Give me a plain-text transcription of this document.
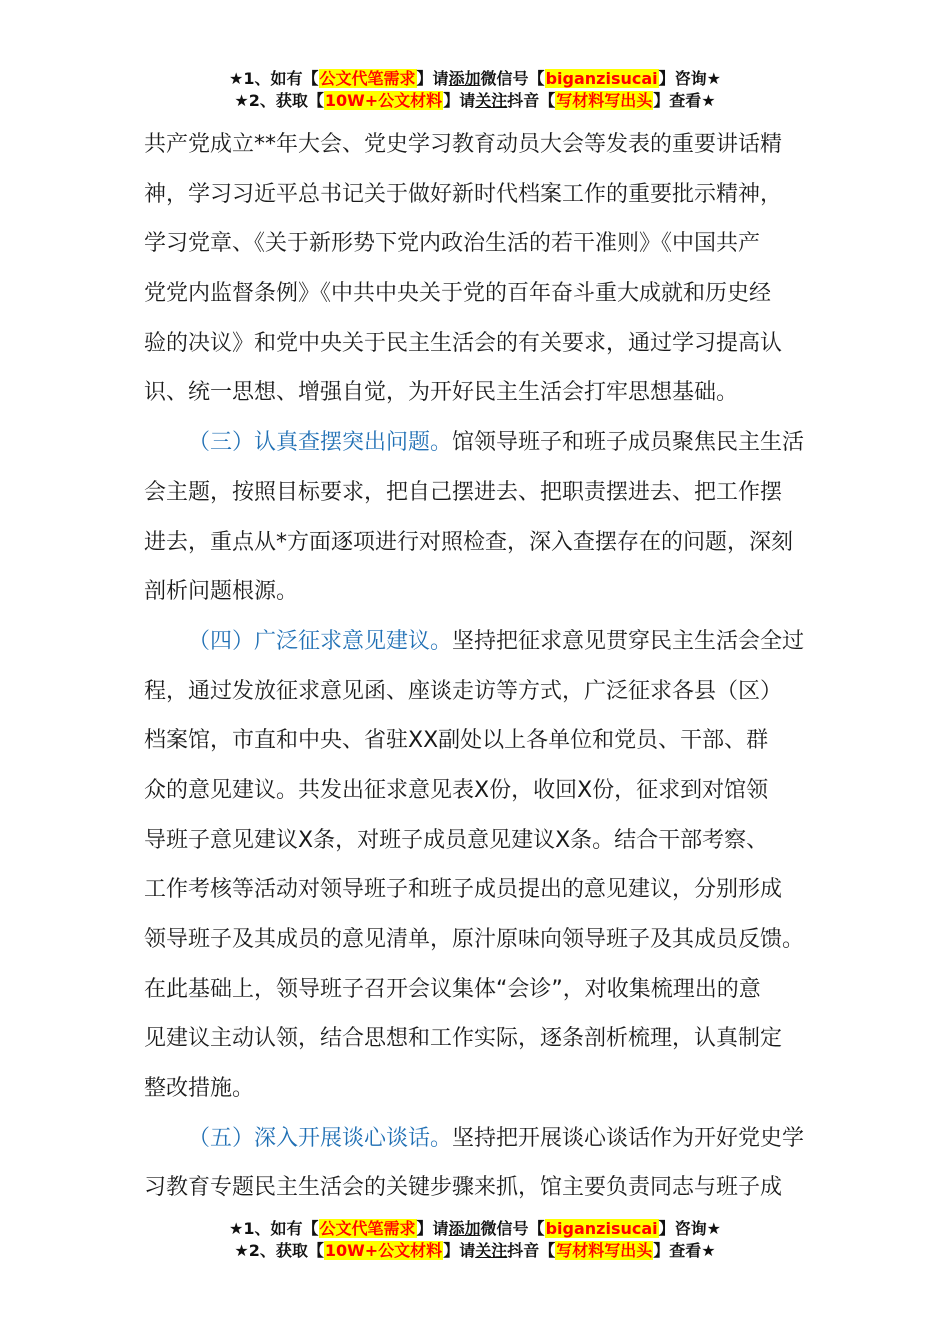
★1、如有【公文代笔需求】请添加微信号【biganzisucai】咨询★
★2、获取【10W+公文材料】请关注抖音【写材料写出头】查看★
共产党成立**年大会、党史学习教育动员大会等发表的重要讲话精
神，学习习近平总书记关于做好新时代档案工作的重要批示精神，
学习党章、《关于新形势下党内政治生活的若干准则》《中国共产
党党内监督条例》《中共中央关于党的百年奋斗重大成就和历史经
验的决议》和党中央关于民主生活会的有关要求，通过学习提高认
识、统一思想、增强自觉，为开好民主生活会打牢思想基础。
（三）认真查摆突出问题。馆领导班子和班子成员聚焦民主生活
会主题，按照目标要求，把自己摆进去、把职责摆进去、把工作摆
进去，重点从*方面逐项进行对照检查，深入查摆存在的问题，深刻
剖析问题根源。
（四）广泛征求意见建议。坚持把征求意见贯穿民主生活会全过
程，通过发放征求意见函、座谈走访等方式，广泛征求各县（区）
档案馆，市直和中央、省驻XX副处以上各单位和党员、干部、群
众的意见建议。共发出征求意见表X份，收回X份，征求到对馆领
导班子意见建议X条，对班子成员意见建议X条。结合干部考察、
工作考核等活动对领导班子和班子成员提出的意见建议，分别形成
领导班子及其成员的意见清单，原汁原味向领导班子及其成员反馈。
在此基础上，领导班子召开会议集体“会诊”，对收集梳理出的意
见建议主动认领，结合思想和工作实际，逐条剖析梳理，认真制定
整改措施。
（五）深入开展谈心谈话。坚持把开展谈心谈话作为开好党史学
习教育专题民主生活会的关键步骤来抓，馆主要负责同志与班子成
★1、如有【公文代笔需求】请添加微信号【biganzisucai】咨询★
★2、获取【10W+公文材料】请关注抖音【写材料写出头】查看★
